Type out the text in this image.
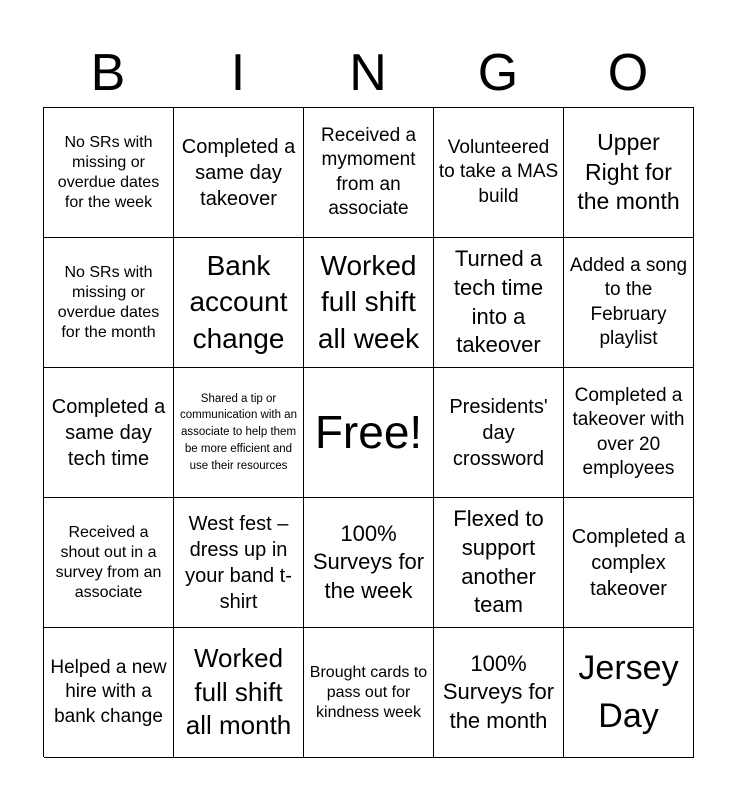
B	I	N	G	O
No SRs with missing or overdue dates for the week
Completed a same day takeover
Received a mymoment from an associate
Volunteered to take a MAS build
Upper Right for the month
No SRs with missing or overdue dates for the month
Bank account change
Worked full shift all week
Turned a tech time into a takeover
Added a song to the February playlist
Completed a same day tech time
Shared a tip or communication with an associate to help them be more efficient and use their resources
Free!	Presidents' day crossword
Completed a takeover with over 20 employees
Received a shout out in a survey from an associate
West fest – dress up in your band t-shirt
100% Surveys for the week
Flexed to support another team
Completed a complex takeover
Helped a new hire with a bank change
Worked full shift all month
Brought cards to pass out for kindness week
100% Surveys for the month
Jersey Day
